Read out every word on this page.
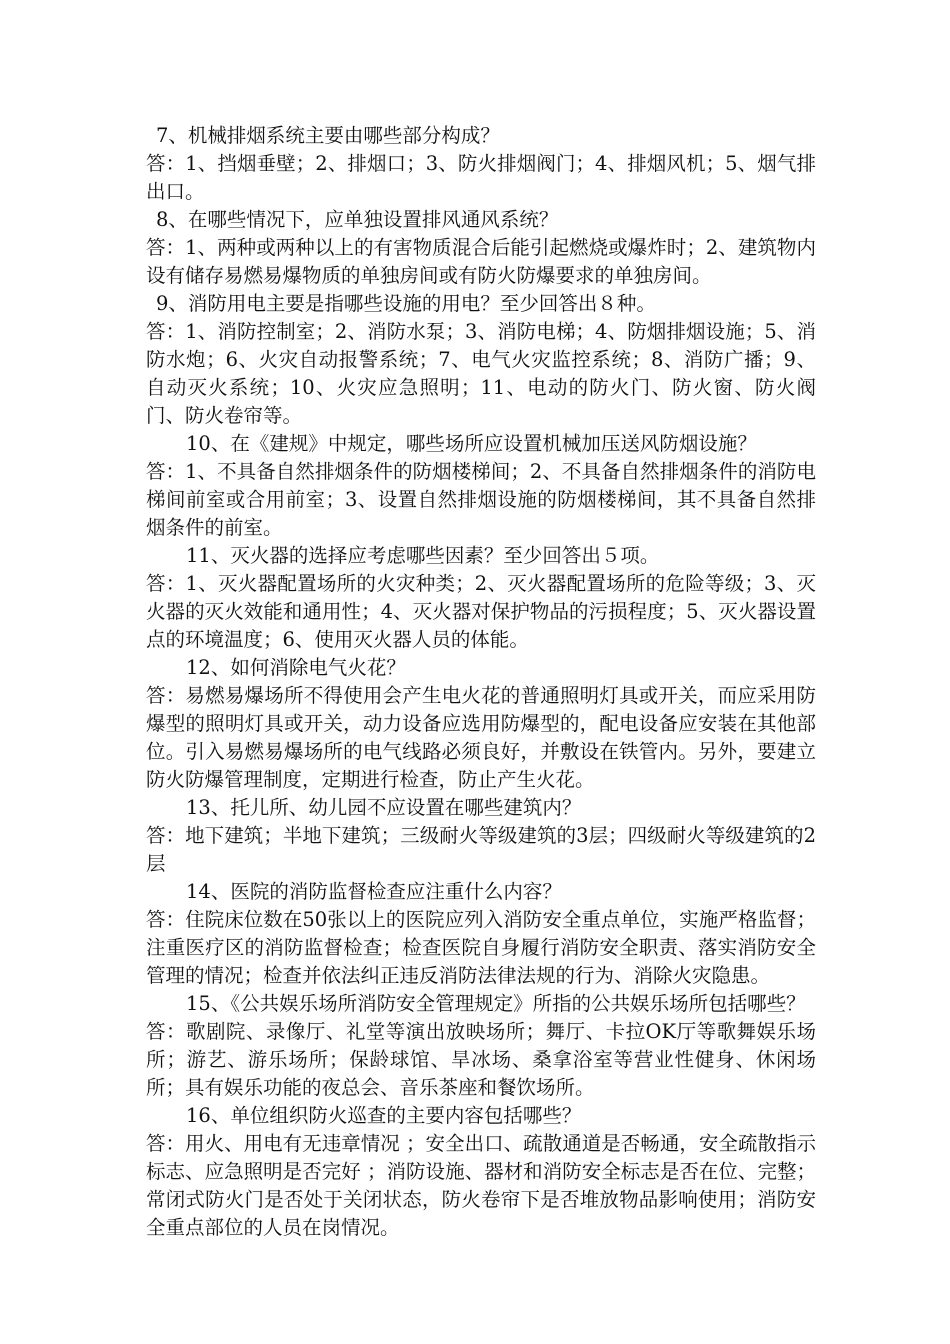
7、机械排烟系统主要由哪些部分构成？

答：1、挡烟垂壁；2、排烟口；3、防火排烟阀门；4、排烟风机；5、烟气排出口。

8、在哪些情况下，应单独设置排风通风系统？

答：1、两种或两种以上的有害物质混合后能引起燃烧或爆炸时；2、建筑物内设有储存易燃易爆物质的单独房间或有防火防爆要求的单独房间。

9、消防用电主要是指哪些设施的用电？至少回答出８种。

答：1、消防控制室；2、消防水泵；3、消防电梯；4、防烟排烟设施；5、消防水炮；6、火灾自动报警系统；7、电气火灾监控系统；8、消防广播；9、自动灭火系统；10、火灾应急照明；11、电动的防火门、防火窗、防火阀门、防火卷帘等。

10、在《建规》中规定，哪些场所应设置机械加压送风防烟设施？

答：1、不具备自然排烟条件的防烟楼梯间；2、不具备自然排烟条件的消防电梯间前室或合用前室；3、设置自然排烟设施的防烟楼梯间，其不具备自然排烟条件的前室。

11、灭火器的选择应考虑哪些因素？至少回答出５项。

答：1、灭火器配置场所的火灾种类；2、灭火器配置场所的危险等级；3、灭火器的灭火效能和通用性；4、灭火器对保护物品的污损程度；5、灭火器设置点的环境温度；6、使用灭火器人员的体能。

12、如何消除电气火花？

答：易燃易爆场所不得使用会产生电火花的普通照明灯具或开关，而应采用防爆型的照明灯具或开关，动力设备应选用防爆型的，配电设备应安装在其他部位。引入易燃易爆场所的电气线路必须良好，并敷设在铁管内。另外，要建立防火防爆管理制度，定期进行检查，防止产生火花。

13、托儿所、幼儿园不应设置在哪些建筑内？

答：地下建筑；半地下建筑；三级耐火等级建筑的3层；四级耐火等级建筑的2层

14、医院的消防监督检查应注重什么内容？

答：住院床位数在50张以上的医院应列入消防安全重点单位，实施严格监督；注重医疗区的消防监督检查；检查医院自身履行消防安全职责、落实消防安全管理的情况；检查并依法纠正违反消防法律法规的行为、消除火灾隐患。

15、《公共娱乐场所消防安全管理规定》所指的公共娱乐场所包括哪些？

答：歌剧院、录像厅、礼堂等演出放映场所；舞厅、卡拉OK厅等歌舞娱乐场所；游艺、游乐场所；保龄球馆、旱冰场、桑拿浴室等营业性健身、休闲场所；具有娱乐功能的夜总会、音乐茶座和餐饮场所。

16、单位组织防火巡查的主要内容包括哪些？

答：用火、用电有无违章情况 ；安全出口、疏散通道是否畅通，安全疏散指示标志、应急照明是否完好 ；消防设施、器材和消防安全标志是否在位、完整；常闭式防火门是否处于关闭状态，防火卷帘下是否堆放物品影响使用；消防安全重点部位的人员在岗情况。
